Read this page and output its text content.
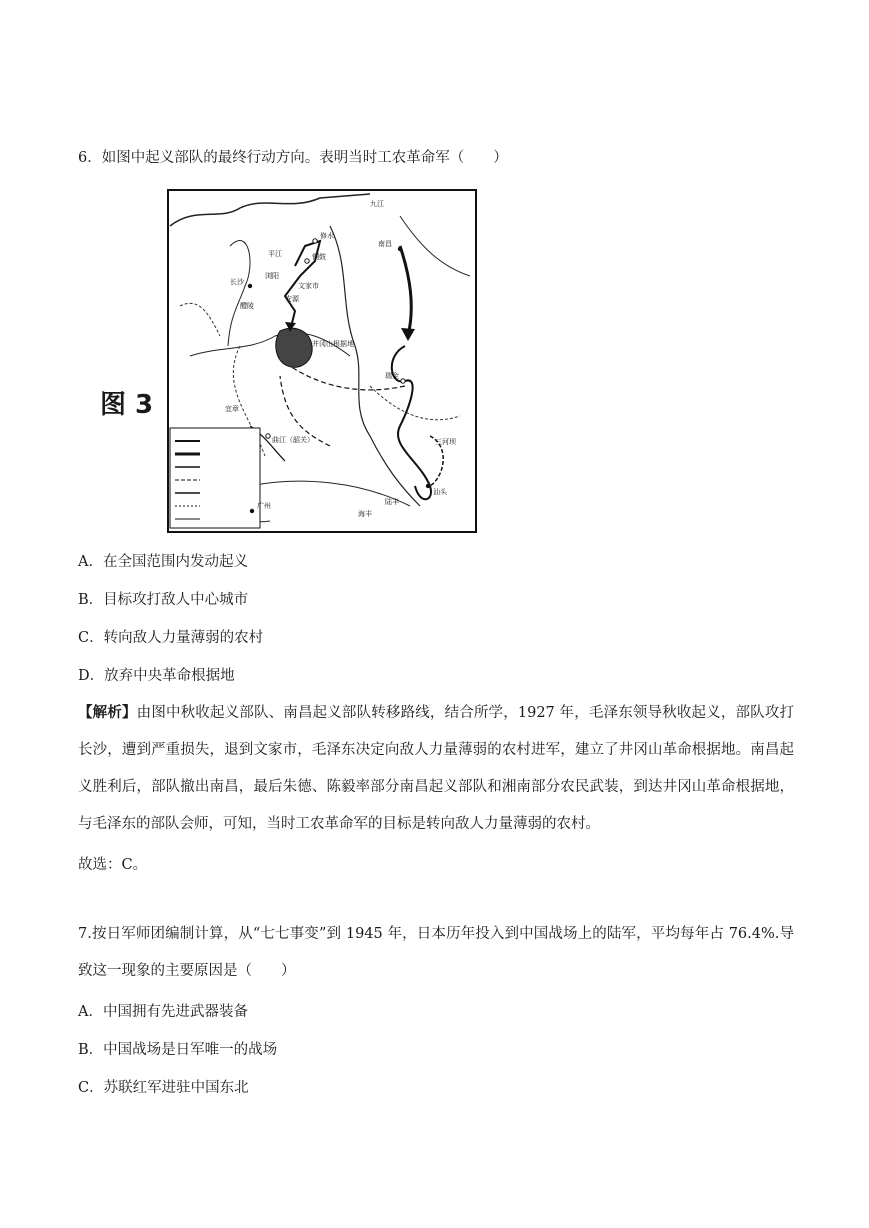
6．如图中起义部队的最终行动方向。表明当时工农革命军（　　）
图 3
长沙
平江
浏阳
修水
铜鼓
文家市
安源
醴陵
井冈山根据地
南昌
瑞金
三河坝
汕头
曲江（韶关）
宜章
广州
海丰
陆丰
九江
A．在全国范围内发动起义
B．目标攻打敌人中心城市
C．转向敌人力量薄弱的农村
D．放弃中央革命根据地
【解析】由图中秋收起义部队、南昌起义部队转移路线，结合所学，1927 年，毛泽东领导秋收起义，部队攻打长沙，遭到严重损失，退到文家市，毛泽东决定向敌人力量薄弱的农村进军，建立了井冈山革命根据地。南昌起义胜利后，部队撤出南昌，最后朱德、陈毅率部分南昌起义部队和湘南部分农民武装，到达井冈山革命根据地，与毛泽东的部队会师，可知，当时工农革命军的目标是转向敌人力量薄弱的农村。
故选：C。
7.按日军师团编制计算，从“七七事变”到 1945 年，日本历年投入到中国战场上的陆军，平均每年占 76.4%.导致这一现象的主要原因是（　　）
A．中国拥有先进武器装备
B．中国战场是日军唯一的战场
C．苏联红军进驻中国东北
